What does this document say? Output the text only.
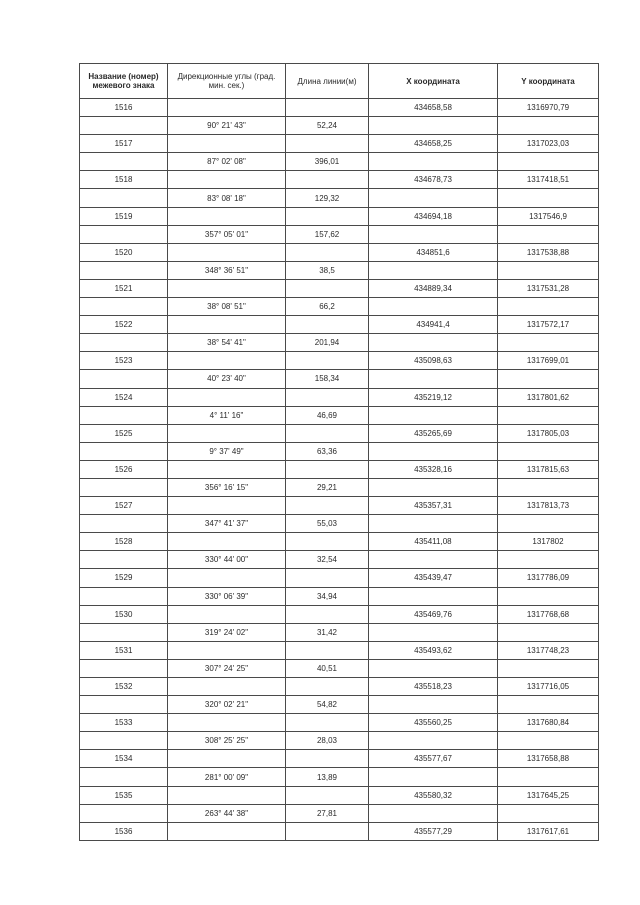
Название (номер) межевого знака	Дирекционные углы (град. мин. сек.)	Длина линии(м)	X координата	Y координата
1516			434658,58	1316970,79
	90° 21' 43"	52,24		
1517			434658,25	1317023,03
	87° 02' 08"	396,01		
1518			434678,73	1317418,51
	83° 08' 18"	129,32		
1519			434694,18	1317546,9
	357° 05' 01"	157,62		
1520			434851,6	1317538,88
	348° 36' 51"	38,5		
1521			434889,34	1317531,28
	38° 08' 51"	66,2		
1522			434941,4	1317572,17
	38° 54' 41"	201,94		
1523			435098,63	1317699,01
	40° 23' 40"	158,34		
1524			435219,12	1317801,62
	4° 11' 16"	46,69		
1525			435265,69	1317805,03
	9° 37' 49"	63,36		
1526			435328,16	1317815,63
	356° 16' 15"	29,21		
1527			435357,31	1317813,73
	347° 41' 37"	55,03		
1528			435411,08	1317802
	330° 44' 00"	32,54		
1529			435439,47	1317786,09
	330° 06' 39"	34,94		
1530			435469,76	1317768,68
	319° 24' 02"	31,42		
1531			435493,62	1317748,23
	307° 24' 25"	40,51		
1532			435518,23	1317716,05
	320° 02' 21"	54,82		
1533			435560,25	1317680,84
	308° 25' 25"	28,03		
1534			435577,67	1317658,88
	281° 00' 09"	13,89		
1535			435580,32	1317645,25
	263° 44' 38"	27,81		
1536			435577,29	1317617,61
